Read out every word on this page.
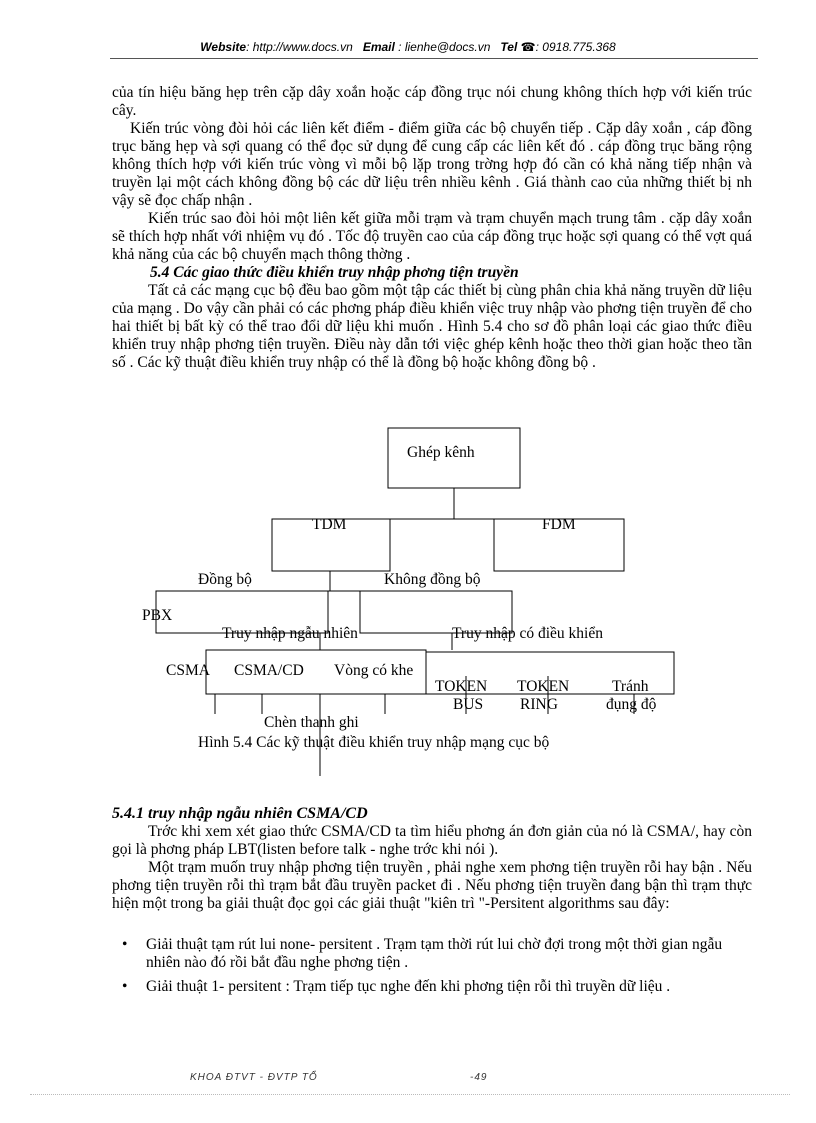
Website: http://www.docs.vn Email : lienhe@docs.vn Tel ☎: 0918.775.368

của tín hiệu băng hẹp trên cặp dây xoắn hoặc cáp đồng trục nói chung không thích hợp với kiến trúc cây.

Kiến trúc vòng đòi hỏi các liên kết điểm - điểm giữa các bộ chuyển tiếp . Cặp dây xoắn , cáp đồng trục băng hẹp và sợi quang có thể đọc sử dụng để cung cấp các liên kết đó . cáp đồng trục băng rộng không thích hợp với kiến trúc vòng vì mỗi bộ lặp trong trờng hợp đó cần có khả năng tiếp nhận và truyền lại một cách không đồng bộ các dữ liệu trên nhiều kênh . Giá thành cao của những thiết bị nh vậy sẽ đọc chấp nhận .

Kiến trúc sao đòi hỏi một liên kết giữa mỗi trạm và trạm chuyển mạch trung tâm . cặp dây xoắn sẽ thích hợp nhất với nhiệm vụ đó . Tốc độ truyền cao của cáp đồng trục hoặc sợi quang có thể vợt quá khả năng của các bộ chuyển mạch thông thờng .

5.4 Các giao thức điều khiển truy nhập phơng tiện truyền

Tất cả các mạng cục bộ đều bao gồm một tập các thiết bị cùng phân chia khả năng truyền dữ liệu của mạng . Do vậy cần phải có các phơng pháp điều khiển việc truy nhập vào phơng tiện truyền để cho hai thiết bị bất kỳ có thể trao đổi dữ liệu khi muốn . Hình 5.4 cho sơ đồ phân loại các giao thức điều khiển truy nhập phơng tiện truyền. Điều này dẫn tới việc ghép kênh hoặc theo thời gian hoặc theo tần số . Các kỹ thuật điều khiển truy nhập có thể là đồng bộ hoặc không đồng bộ .

Ghép kênh
TDM	FDM
Đồng bộ	Không đồng bộ
PBX
Truy nhập ngẫu nhiên	Truy nhập có điều khiển
CSMA CSMA/CD Vòng có khe
TOKEN
BUS
TOKEN
RING
Tránh
đụng độ
Chèn thanh ghi
Hình 5.4 Các kỹ thuật điều khiển truy nhập mạng cục bộ

5.4.1 truy nhập ngẫu nhiên CSMA/CD

Trớc khi xem xét giao thức CSMA/CD ta tìm hiểu phơng án đơn giản của nó là CSMA/, hay còn gọi là phơng pháp LBT(listen before talk - nghe trớc khi nói ).

Một trạm muốn truy nhập phơng tiện truyền , phải nghe xem phơng tiện truyền rỗi hay bận . Nếu phơng tiện truyền rỗi thì trạm bắt đầu truyền packet đi . Nếu phơng tiện truyền đang bận thì trạm thực hiện một trong ba giải thuật đọc gọi các giải thuật "kiên trì "-Persitent algorithms sau đây:

• Giải thuật tạm rút lui none- persitent . Trạm tạm thời rút lui chờ đợi trong một thời gian ngẫu nhiên nào đó rồi bắt đầu nghe phơng tiện .
• Giải thuật 1- persitent : Trạm tiếp tục nghe đến khi phơng tiện rỗi thì truyền dữ liệu .
KHOA ĐTVT - ĐVTP TỔ	-49
